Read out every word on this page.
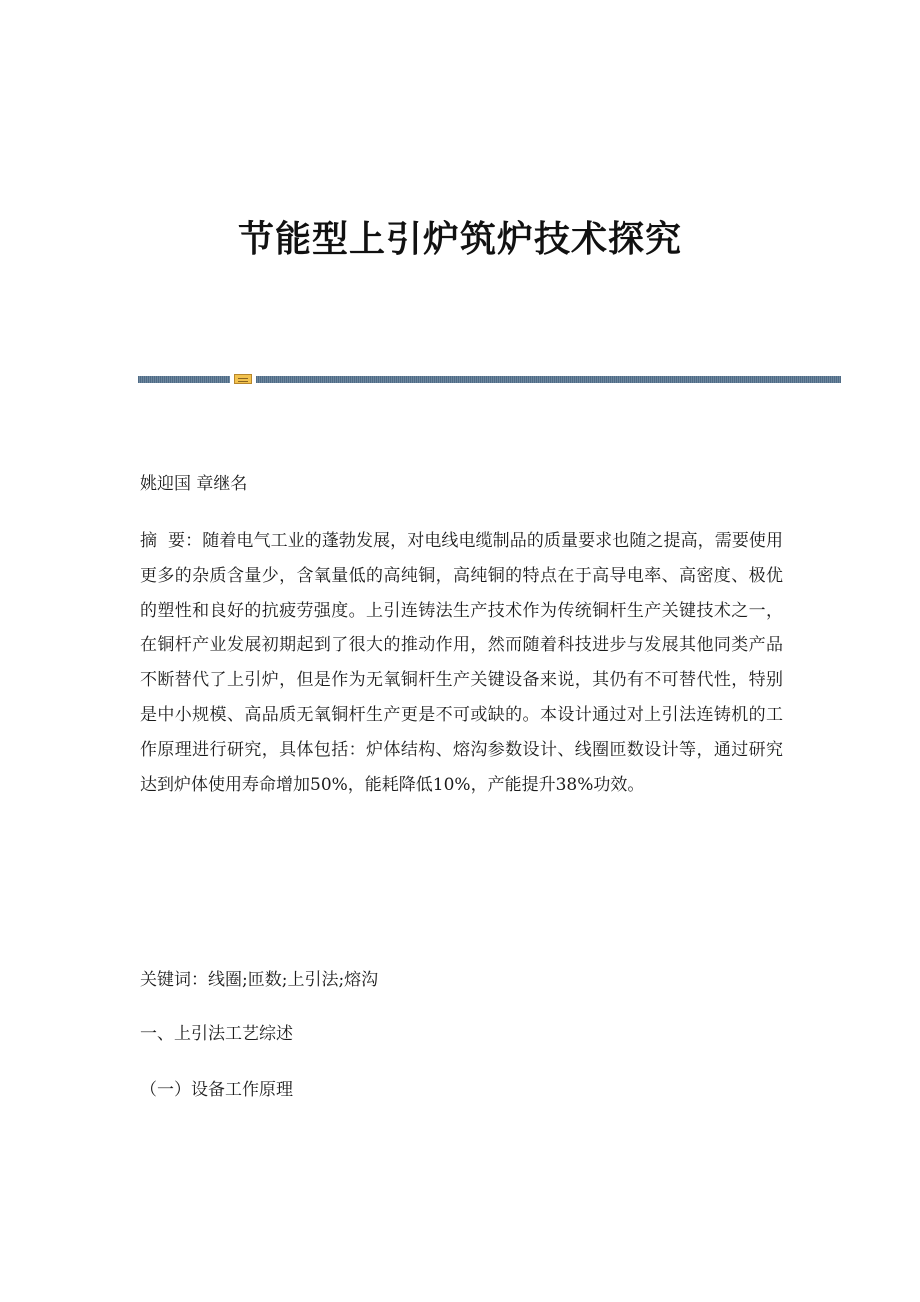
节能型上引炉筑炉技术探究
姚迎国 章继名

摘  要：随着电气工业的蓬勃发展，对电线电缆制品的质量要求也随之提高，需要使用更多的杂质含量少，含氧量低的高纯铜，高纯铜的特点在于高导电率、高密度、极优的塑性和良好的抗疲劳强度。上引连铸法生产技术作为传统铜杆生产关键技术之一，在铜杆产业发展初期起到了很大的推动作用，然而随着科技进步与发展其他同类产品不断替代了上引炉，但是作为无氧铜杆生产关键设备来说，其仍有不可替代性，特别是中小规模、高品质无氧铜杆生产更是不可或缺的。本设计通过对上引法连铸机的工作原理进行研究，具体包括：炉体结构、熔沟参数设计、线圈匝数设计等，通过研究达到炉体使用寿命增加50%，能耗降低10%，产能提升38%功效。

关键词：线圈;匝数;上引法;熔沟
一、上引法工艺综述
（一）设备工作原理
